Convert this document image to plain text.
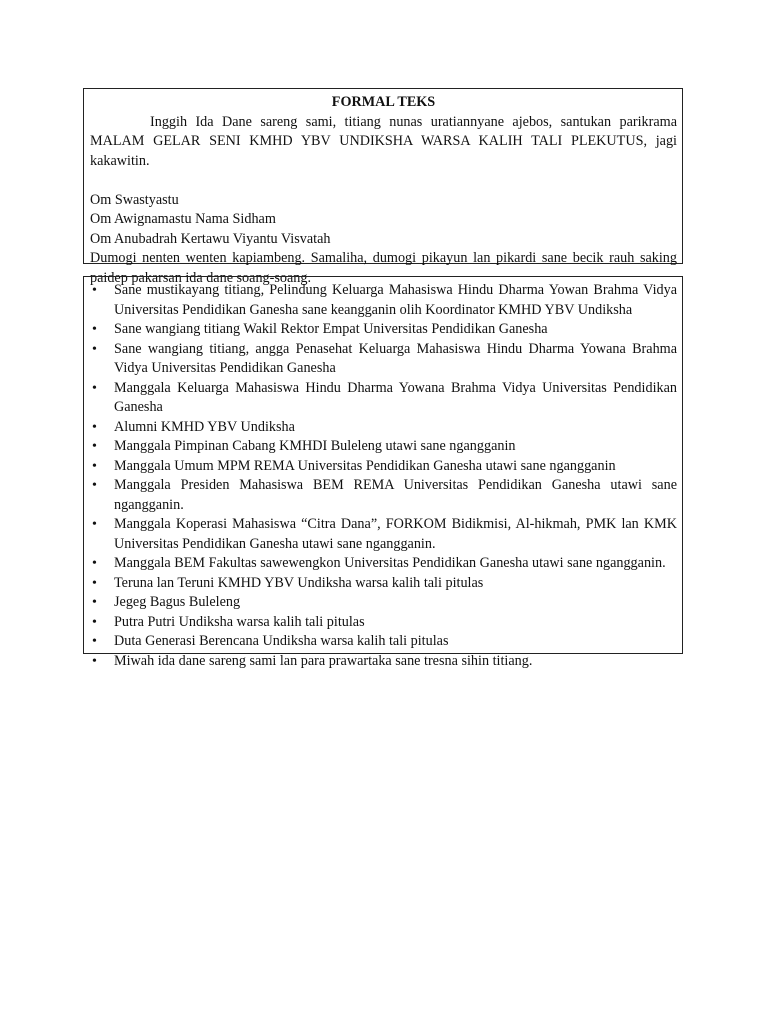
FORMAL TEKS

Inggih Ida Dane sareng sami, titiang nunas uratiannyane ajebos, santukan parikrama MALAM GELAR SENI KMHD YBV UNDIKSHA WARSA KALIH TALI PLEKUTUS, jagi kakawitin.

Om Swastyastu

Om Awignamastu Nama Sidham

Om Anubadrah Kertawu Viyantu Visvatah

Dumogi nenten wenten kapiambeng. Samaliha, dumogi pikayun lan pikardi sane becik rauh saking paidep pakarsan ida dane soang-soang.

• Sane mustikayang titiang, Pelindung Keluarga Mahasiswa Hindu Dharma Yowan Brahma Vidya Universitas Pendidikan Ganesha sane keangganin olih Koordinator KMHD YBV Undiksha
• Sane wangiang titiang Wakil Rektor Empat Universitas Pendidikan Ganesha
• Sane wangiang titiang, angga Penasehat Keluarga Mahasiswa Hindu Dharma Yowana Brahma Vidya Universitas Pendidikan Ganesha
• Manggala Keluarga Mahasiswa Hindu Dharma Yowana Brahma Vidya Universitas Pendidikan Ganesha
• Alumni KMHD YBV Undiksha
• Manggala Pimpinan Cabang KMHDI Buleleng utawi sane ngangganin
• Manggala Umum MPM REMA Universitas Pendidikan Ganesha utawi sane ngangganin
• Manggala Presiden Mahasiswa BEM REMA Universitas Pendidikan Ganesha utawi sane ngangganin.
• Manggala Koperasi Mahasiswa “Citra Dana”, FORKOM Bidikmisi, Al-hikmah, PMK lan KMK Universitas Pendidikan Ganesha utawi sane ngangganin.
• Manggala BEM Fakultas sawewengkon Universitas Pendidikan Ganesha utawi sane ngangganin.
• Teruna lan Teruni KMHD YBV Undiksha warsa kalih tali pitulas
• Jegeg Bagus Buleleng
• Putra Putri Undiksha warsa kalih tali pitulas
• Duta Generasi Berencana Undiksha warsa kalih tali pitulas
• Miwah ida dane sareng sami lan para prawartaka sane tresna sihin titiang.
